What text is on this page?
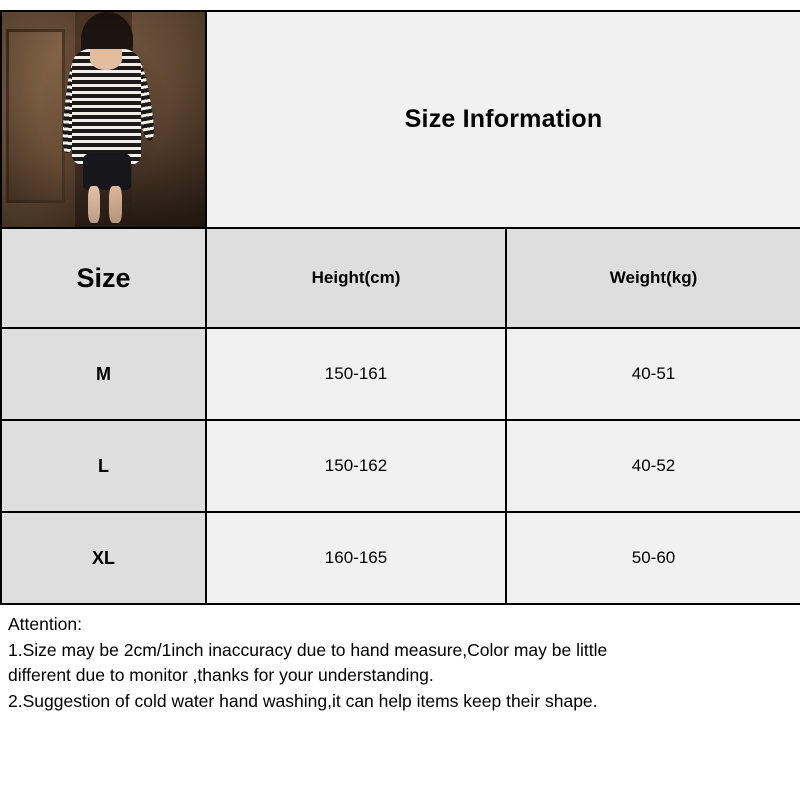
	Size Information	
Size	Height(cm)	Weight(kg)
M	150-161	40-51
L	150-162	40-52
XL	160-165	50-60

Attention:

1.Size may be 2cm/1inch inaccuracy due to hand measure,Color may be little

different due to monitor ,thanks for your understanding.

2.Suggestion of cold water hand washing,it can help items keep their shape.
